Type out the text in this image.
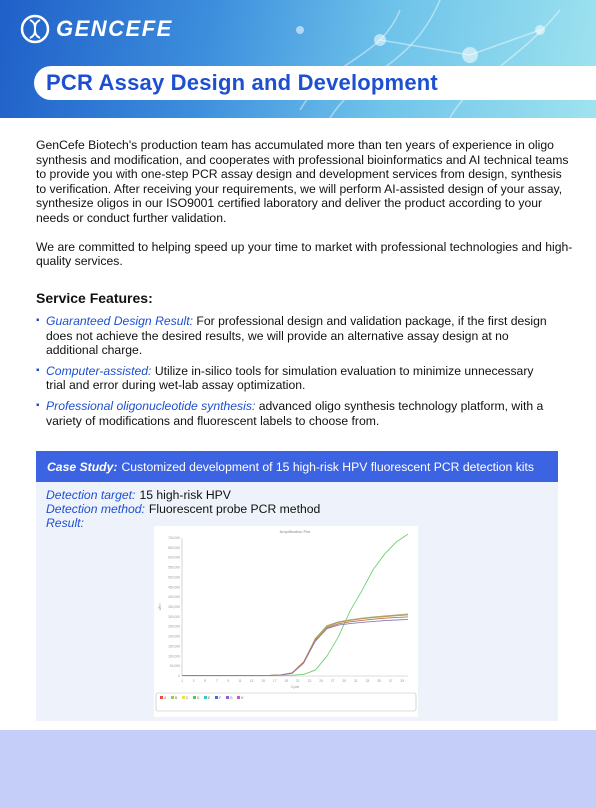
GENCEFE
PCR Assay Design and Development

GenCefe Biotech's production team has accumulated more than ten years of experience in oligo synthesis and modification, and cooperates with professional bioinformatics and AI technical teams to provide you with one-step PCR assay design and development services from design, synthesis to verification. After receiving your requirements, we will perform AI-assisted design of your assay, synthesize oligos in our ISO9001 certified laboratory and deliver the product according to your needs or conduct further validation.

We are committed to helping speed up your time to market with professional technologies and high-quality services.

Service Features:
▪ Guaranteed Design Result: For professional design and validation package, if the first design does not achieve the desired results, we will provide an alternative assay design at no additional charge.
▪ Computer-assisted: Utilize in-silico tools for simulation evaluation to minimize unnecessary trial and error during wet-lab assay optimization.
▪ Professional oligonucleotide synthesis: advanced oligo synthesis technology platform, with a variety of modifications and fluorescent labels to choose from.
Case Study: Customized development of 15 high-risk HPV fluorescent PCR detection kits
Detection target: 15 high-risk HPV
Detection method: Fluorescent probe PCR method
Result:
Amplification Plot
0
50,000
100,000
150,000
200,000
250,000
300,000
350,000
400,000
450,000
500,000
550,000
600,000
650,000
700,000
1	3	5	7	9	11 13 15 17 19 21 23 25 27 29 31 33 35 37 39
Cycle
ΔRn
A	B	C	D	E	F	G	H
